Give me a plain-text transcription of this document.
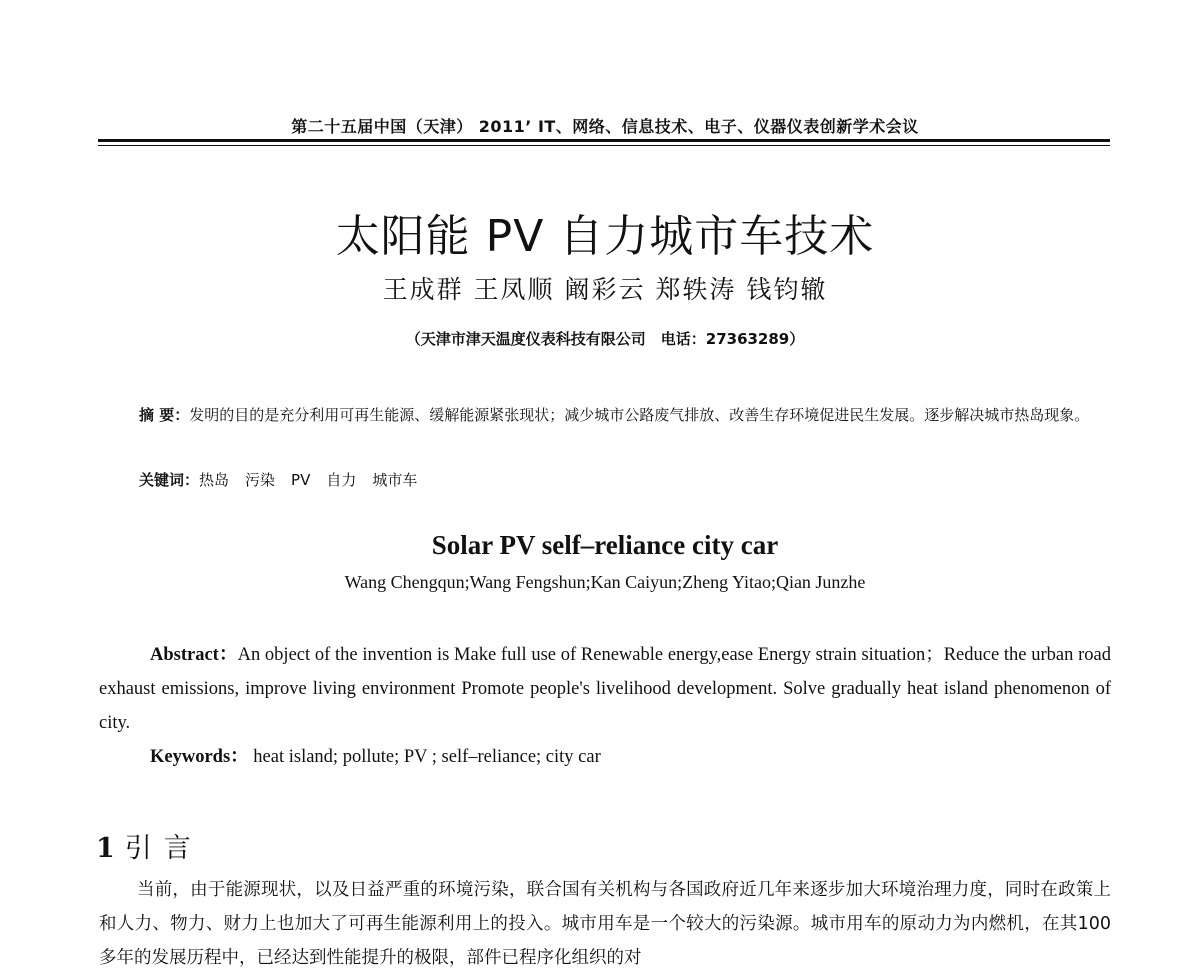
第二十五届中国（天津） 2011’ IT、网络、信息技术、电子、仪器仪表创新学术会议
太阳能 PV 自力城市车技术
王成群 王凤顺 阚彩云 郑轶涛 钱钧辙
（天津市津天温度仪表科技有限公司　电话：27363289）
摘 要：发明的目的是充分利用可再生能源、缓解能源紧张现状；减少城市公路废气排放、改善生存环境促进民生发展。逐步解决城市热岛现象。
关键词：热岛 污染 PV 自力 城市车
Solar PV self–reliance city car
Wang Chengqun;Wang Fengshun;Kan Caiyun;Zheng Yitao;Qian Junzhe
Abstract：An object of the invention is Make full use of Renewable energy,ease Energy strain situation；Reduce the urban road exhaust emissions, improve living environment Promote people's livelihood development. Solve gradually heat island phenomenon of city.
Keywords： heat island; pollute; PV ; self–reliance; city car
1 引言
当前，由于能源现状，以及日益严重的环境污染，联合国有关机构与各国政府近几年来逐步加大环境治理力度，同时在政策上和人力、物力、财力上也加大了可再生能源利用上的投入。城市用车是一个较大的污染源。城市用车的原动力为内燃机，在其100多年的发展历程中，已经达到性能提升的极限，部件已程序化组织的对
